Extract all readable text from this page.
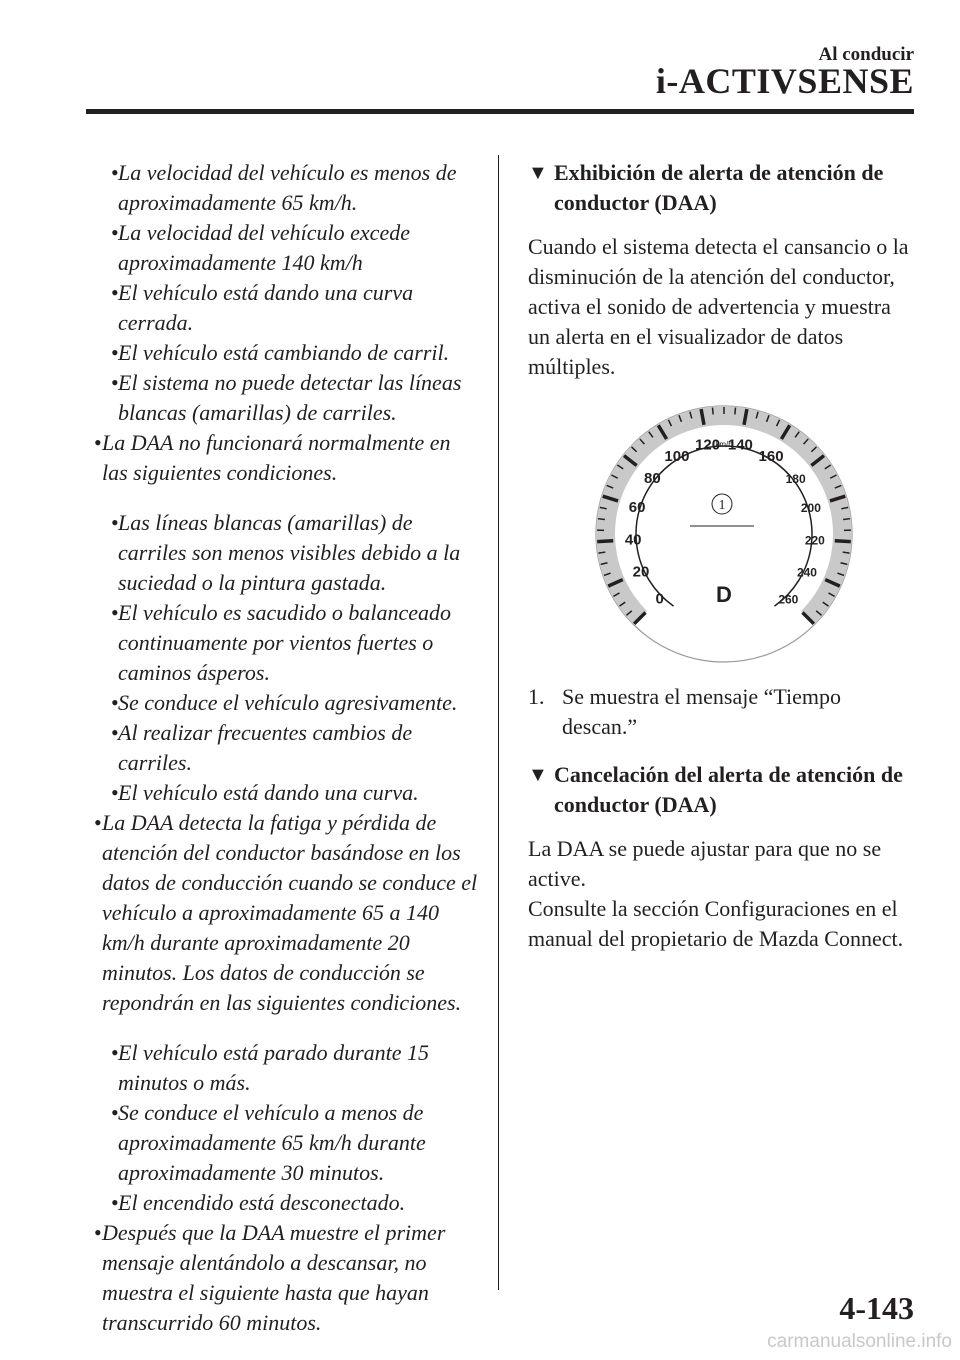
Al conducir
i-ACTIVSENSE
• La velocidad del vehículo es menos de aproximadamente 65 km/h.
• La velocidad del vehículo excede aproximadamente 140 km/h
• El vehículo está dando una curva cerrada.
• El vehículo está cambiando de carril.
• El sistema no puede detectar las líneas blancas (amarillas) de carriles.
• La DAA no funcionará normalmente en las siguientes condiciones.
• Las líneas blancas (amarillas) de carriles son menos visibles debido a la suciedad o la pintura gastada.
• El vehículo es sacudido o balanceado continuamente por vientos fuertes o caminos ásperos.
• Se conduce el vehículo agresivamente.
• Al realizar frecuentes cambios de carriles.
• El vehículo está dando una curva.
• La DAA detecta la fatiga y pérdida de atención del conductor basándose en los datos de conducción cuando se conduce el vehículo a aproximadamente 65 a 140 km/h durante aproximadamente 20 minutos. Los datos de conducción se repondrán en las siguientes condiciones.
• El vehículo está parado durante 15 minutos o más.
• Se conduce el vehículo a menos de aproximadamente 65 km/h durante aproximadamente 30 minutos.
• El encendido está desconectado.
• Después que la DAA muestre el primer mensaje alentándolo a descansar, no muestra el siguiente hasta que hayan transcurrido 60 minutos.
▼ Exhibición de alerta de atención de conductor (DAA)
Cuando el sistema detecta el cansancio o la disminución de la atención del conductor, activa el sonido de advertencia y muestra un alerta en el visualizador de datos múltiples.
0
20
40
60
80
100
120 140
160
180
200
220
240
260
km/h
1
D
1. Se muestra el mensaje “Tiempo descan.”
▼ Cancelación del alerta de atención de conductor (DAA)
La DAA se puede ajustar para que no se active.
Consulte la sección Configuraciones en el manual del propietario de Mazda Connect.
4-143
carmanualsonline.info
